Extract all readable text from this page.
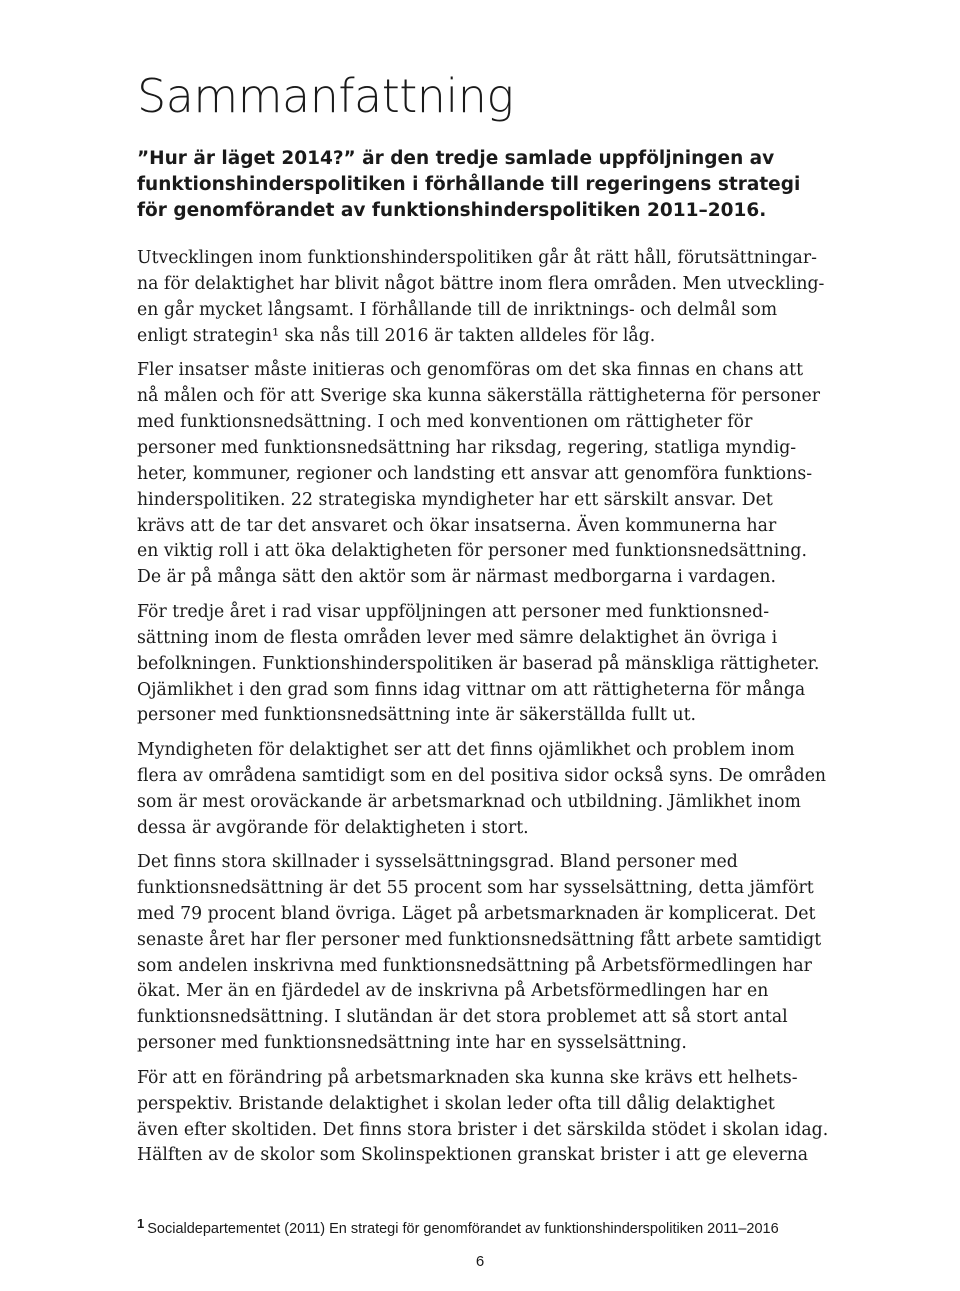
Sammanfattning
”Hur är läget 2014?” är den tredje samlade uppföljningen av
funktionshinderspolitiken i förhållande till regeringens strategi
för genomförandet av funktionshinderspolitiken 2011–2016.

Utvecklingen inom funktionshinderspolitiken går åt rätt håll, förutsättningar-
na för delaktighet har blivit något bättre inom flera områden. Men utveckling-
en går mycket långsamt. I förhållande till de inriktnings- och delmål som
enligt strategin¹ ska nås till 2016 är takten alldeles för låg.

Fler insatser måste initieras och genomföras om det ska finnas en chans att
nå målen och för att Sverige ska kunna säkerställa rättigheterna för personer
med funktionsnedsättning. I och med konventionen om rättigheter för
personer med funktionsnedsättning har riksdag, regering, statliga myndig-
heter, kommuner, regioner och landsting ett ansvar att genomföra funktions-
hinderspolitiken. 22 strategiska myndigheter har ett särskilt ansvar. Det
krävs att de tar det ansvaret och ökar insatserna. Även kommunerna har
en viktig roll i att öka delaktigheten för personer med funktionsnedsättning.
De är på många sätt den aktör som är närmast medborgarna i vardagen.

För tredje året i rad visar uppföljningen att personer med funktionsned-
sättning inom de flesta områden lever med sämre delaktighet än övriga i
befolkningen. Funktionshinderspolitiken är baserad på mänskliga rättigheter.
Ojämlikhet i den grad som finns idag vittnar om att rättigheterna för många
personer med funktionsnedsättning inte är säkerställda fullt ut.

Myndigheten för delaktighet ser att det finns ojämlikhet och problem inom
flera av områdena samtidigt som en del positiva sidor också syns. De områden
som är mest oroväckande är arbetsmarknad och utbildning. Jämlikhet inom
dessa är avgörande för delaktigheten i stort.

Det finns stora skillnader i sysselsättningsgrad. Bland personer med
funktionsnedsättning är det 55 procent som har sysselsättning, detta jämfört
med 79 procent bland övriga. Läget på arbetsmarknaden är komplicerat. Det
senaste året har fler personer med funktionsnedsättning fått arbete samtidigt
som andelen inskrivna med funktionsnedsättning på Arbetsförmedlingen har
ökat. Mer än en fjärdedel av de inskrivna på Arbetsförmedlingen har en
funktionsnedsättning. I slutändan är det stora problemet att så stort antal
personer med funktionsnedsättning inte har en sysselsättning.

För att en förändring på arbetsmarknaden ska kunna ske krävs ett helhets-
perspektiv. Bristande delaktighet i skolan leder ofta till dålig delaktighet
även efter skoltiden. Det finns stora brister i det särskilda stödet i skolan idag.
Hälften av de skolor som Skolinspektionen granskat brister i att ge eleverna

1 Socialdepartementet (2011) En strategi för genomförandet av funktionshinderspolitiken 2011–2016
6
